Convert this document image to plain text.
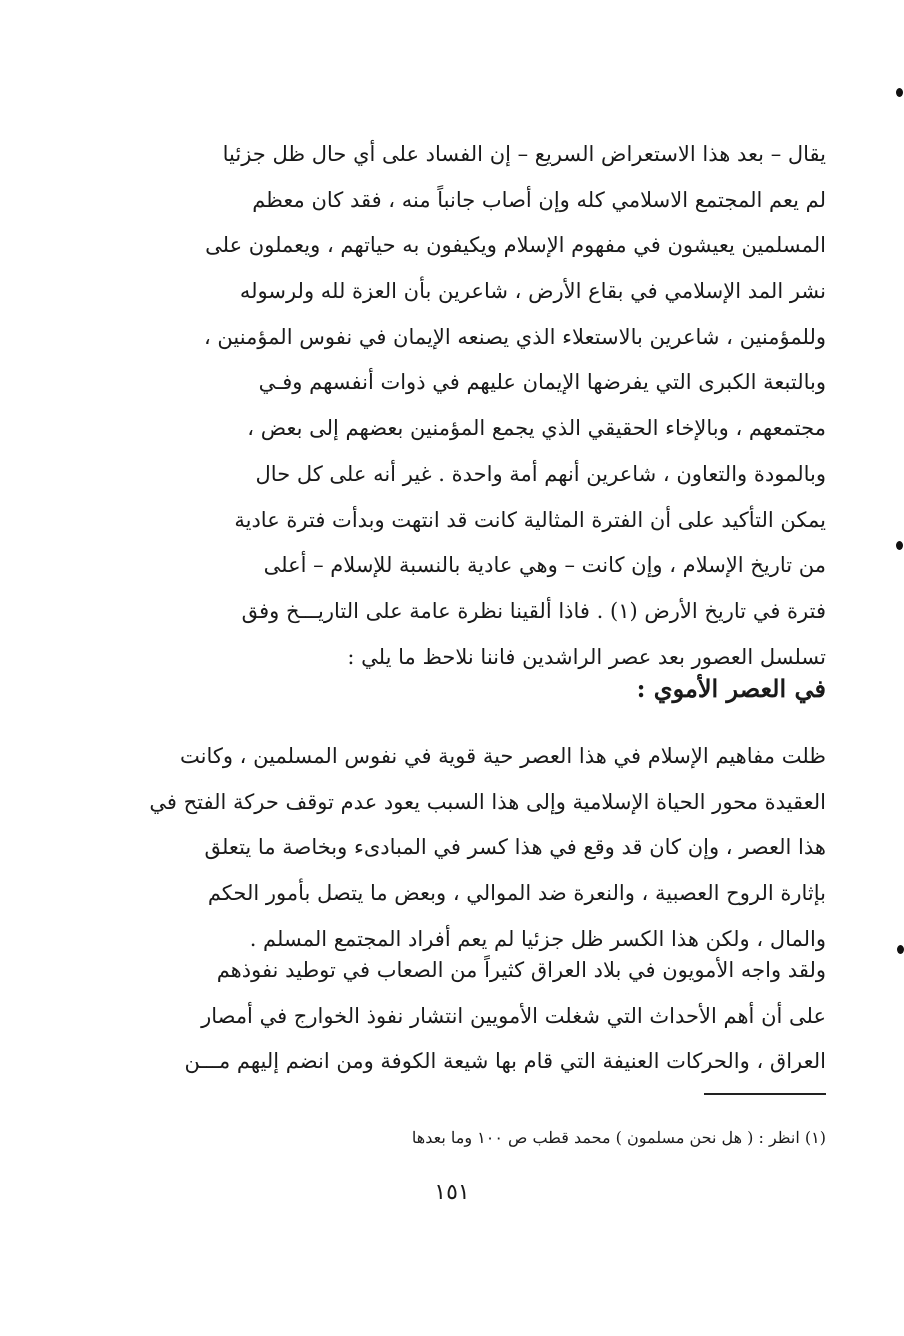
يقال – بعد هذا الاستعراض السريع – إن الفساد على أي حال ظل جزئيا
لم يعم المجتمع الاسلامي كله وإن أصاب جانباً منه ، فقد كان معظم
المسلمين يعيشون في مفهوم الإسلام ويكيفون به حياتهم ، ويعملون على
نشر المد الإسلامي في بقاع الأرض ، شاعرين بأن العزة لله ولرسوله
وللمؤمنين ، شاعرين بالاستعلاء الذي يصنعه الإيمان في نفوس المؤمنين ،
وبالتبعة الكبرى التي يفرضها الإيمان عليهم في ذوات أنفسهم وفـي
مجتمعهم ، وبالإخاء الحقيقي الذي يجمع المؤمنين بعضهم إلى بعض ،
وبالمودة والتعاون ، شاعرين أنهم أمة واحدة . غير أنه على كل حال
يمكن التأكيد على أن الفترة المثالية كانت قد انتهت وبدأت فترة عادية
من تاريخ الإسلام ، وإن كانت – وهي عادية بالنسبة للإسلام – أعلى
فترة في تاريخ الأرض (١) . فاذا ألقينا نظرة عامة على التاريـــخ وفق
تسلسل العصور بعد عصر الراشدين فاننا نلاحظ ما يلي :
في العصر الأموي :
ظلت مفاهيم الإسلام في هذا العصر حية قوية في نفوس المسلمين ، وكانت
العقيدة محور الحياة الإسلامية وإلى هذا السبب يعود عدم توقف حركة الفتح في
هذا العصر ، وإن كان قد وقع في هذا كسر في المبادىء وبخاصة ما يتعلق
بإثارة الروح العصبية ، والنعرة ضد الموالي ، وبعض ما يتصل بأمور الحكم
والمال ، ولكن هذا الكسر ظل جزئيا لم يعم أفراد المجتمع المسلم .
ولقد واجه الأمويون في بلاد العراق كثيراً من الصعاب في توطيد نفوذهم
على أن أهم الأحداث التي شغلت الأمويين انتشار نفوذ الخوارج في أمصار
العراق ، والحركات العنيفة التي قام بها شيعة الكوفة ومن انضم إليهم مـــن
(١) انظر : ( هل نحن مسلمون ) محمد قطب ص ١٠٠ وما بعدها
١٥١
